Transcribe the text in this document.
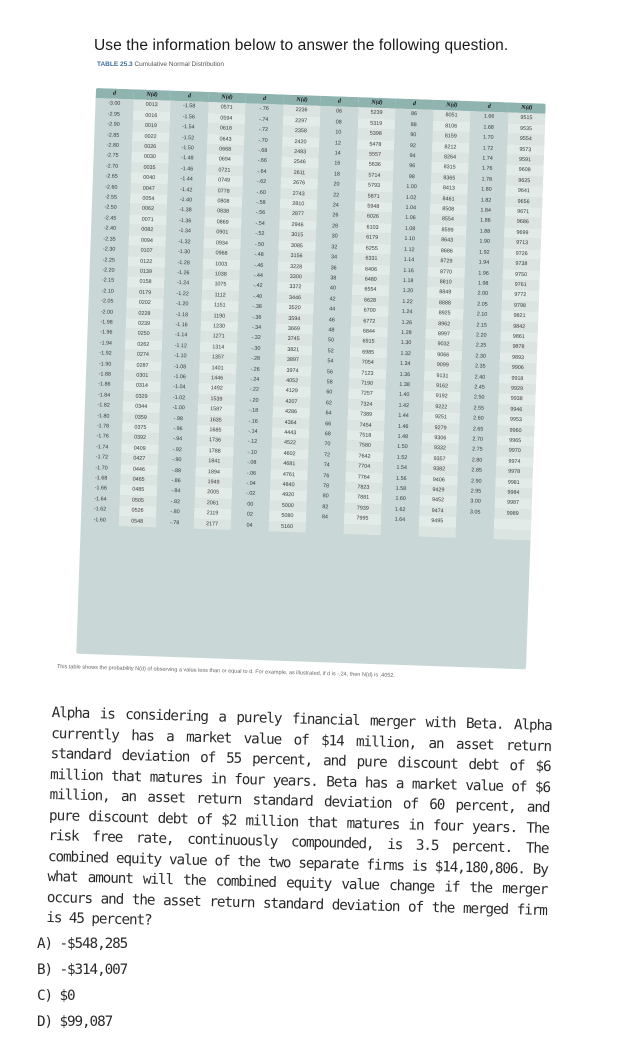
Use the information below to answer the following question.
TABLE 25.3 Cumulative Normal Distribution
d	N(d)	d	N(d)	d	N(d)	d	N(d)	d	N(d)	d	N(d)
-3.00	0013	-1.58	0571	-.76	2236	06	5239	86	8051	1.66	9515
-2.95	0016	-1.56	0594	-.74	2297	08	5319	88	8106	1.68	9535
-2.90	0019	-1.54	0618	-.72	2358	10	5398	90	8159	1.70	9554
-2.85	0022	-1.52	0643	-.70	2420	12	5478	92	8212	1.72	9573
-2.80	0026	-1.50	0668	-.68	2483	14	5557	94	8264	1.74	9591
-2.75	0030	-1.48	0694	-.66	2546	16	5636	96	8315	1.76	9608
-2.70	0035	-1.46	0721	-.64	2611	18	5714	98	8365	1.78	9625
-2.65	0040	-1.44	0749	-.62	2676	20	5793	1.00	8413	1.80	9641
-2.60	0047	-1.42	0778	-.60	2743	22	5871	1.02	8461	1.82	9656
-2.55	0054	-1.40	0808	-.58	2810	24	5948	1.04	8508	1.84	9671
-2.50	0062	-1.38	0838	-.56	2877	26	6026	1.06	8554	1.86	9686
-2.45	0071	-1.36	0869	-.54	2946	28	6103	1.08	8599	1.88	9699
-2.40	0082	-1.34	0901	-.52	3015	30	6179	1.10	8643	1.90	9713
-2.35	0094	-1.32	0934	-.50	3085	32	6255	1.12	8686	1.92	9726
-2.30	0107	-1.30	0968	-.48	3156	34	6331	1.14	8729	1.94	9738
-2.25	0122	-1.28	1003	-.46	3228	36	6406	1.16	8770	1.96	9750
-2.20	0139	-1.26	1038	-.44	3300	38	6480	1.18	8810	1.98	9761
-2.15	0158	-1.24	1075	-.42	3372	40	6554	1.20	8849	2.00	9772
-2.10	0179	-1.22	1112	-.40	3446	42	6628	1.22	8888	2.05	9798
-2.05	0202	-1.20	1151	-.38	3520	44	6700	1.24	8925	2.10	9821
-2.00	0228	-1.18	1190	-.36	3594	46	6772	1.26	8962	2.15	9842
-1.98	0239	-1.16	1230	-.34	3669	48	6844	1.28	8997	2.20	9861
-1.96	0250	-1.14	1271	-.32	3745	50	6915	1.30	9032	2.25	9878
-1.94	0262	-1.12	1314	-.30	3821	52	6985	1.32	9066	2.30	9893
-1.92	0274	-1.10	1357	-.28	3897	54	7054	1.34	9099	2.35	9906
-1.90	0287	-1.08	1401	-.26	3974	56	7123	1.36	9131	2.40	9918
-1.88	0301	-1.06	1446	-.24	4052	58	7190	1.38	9162	2.45	9929
-1.86	0314	-1.04	1492	-.22	4129	60	7257	1.40	9192	2.50	9938
-1.84	0329	-1.02	1539	-.20	4207	62	7324	1.42	9222	2.55	9946
-1.82	0344	-1.00	1587	-.18	4286	64	7389	1.44	9251	2.60	9953
-1.80	0359	-.98	1635	-.16	4364	66	7454	1.46	9279	2.65	9960
-1.78	0375	-.96	1685	-.14	4443	68	7518	1.48	9306	2.70	9965
-1.76	0392	-.94	1736	-.12	4522	70	7580	1.50	9332	2.75	9970
-1.74	0409	-.92	1788	-.10	4602	72	7642	1.52	9357	2.80	9974
-1.72	0427	-.90	1841	-.08	4681	74	7704	1.54	9382	2.85	9978
-1.70	0446	-.88	1894	-.06	4761	76	7764	1.56	9406	2.90	9981
-1.68	0465	-.86	1949	-.04	4840	78	7823	1.58	9429	2.95	9984
-1.66	0485	-.84	2005	-.02	4920	80	7881	1.60	9452	3.00	9987
-1.64	0505	-.82	2061	00	5000	82	7939	1.62	9474	3.05	9989
-1.62	0526	-.80	2119	02	5080	84	7995	1.64	9495		
-1.60	0548	-.78	2177	04	5160						
This table shows the probability N(d) of observing a value less than or equal to d. For example, as illustrated, if d is -.24, then N(d) is .4052.

Alpha is considering a purely financial merger with Beta. Alpha currently has a market value of $14 million, an asset return standard deviation of 55 percent, and pure discount debt of $6 million that matures in four years. Beta has a market value of $6 million, an asset return standard deviation of 60 percent, and pure discount debt of $2 million that matures in four years. The risk free rate, continuously compounded, is 3.5 percent. The combined equity value of the two separate firms is $14,180,806. By what amount will the combined equity value change if the merger occurs and the asset return standard deviation of the merged firm is 45 percent?

A) -$548,285
B) -$314,007
C) $0
D) $99,087
